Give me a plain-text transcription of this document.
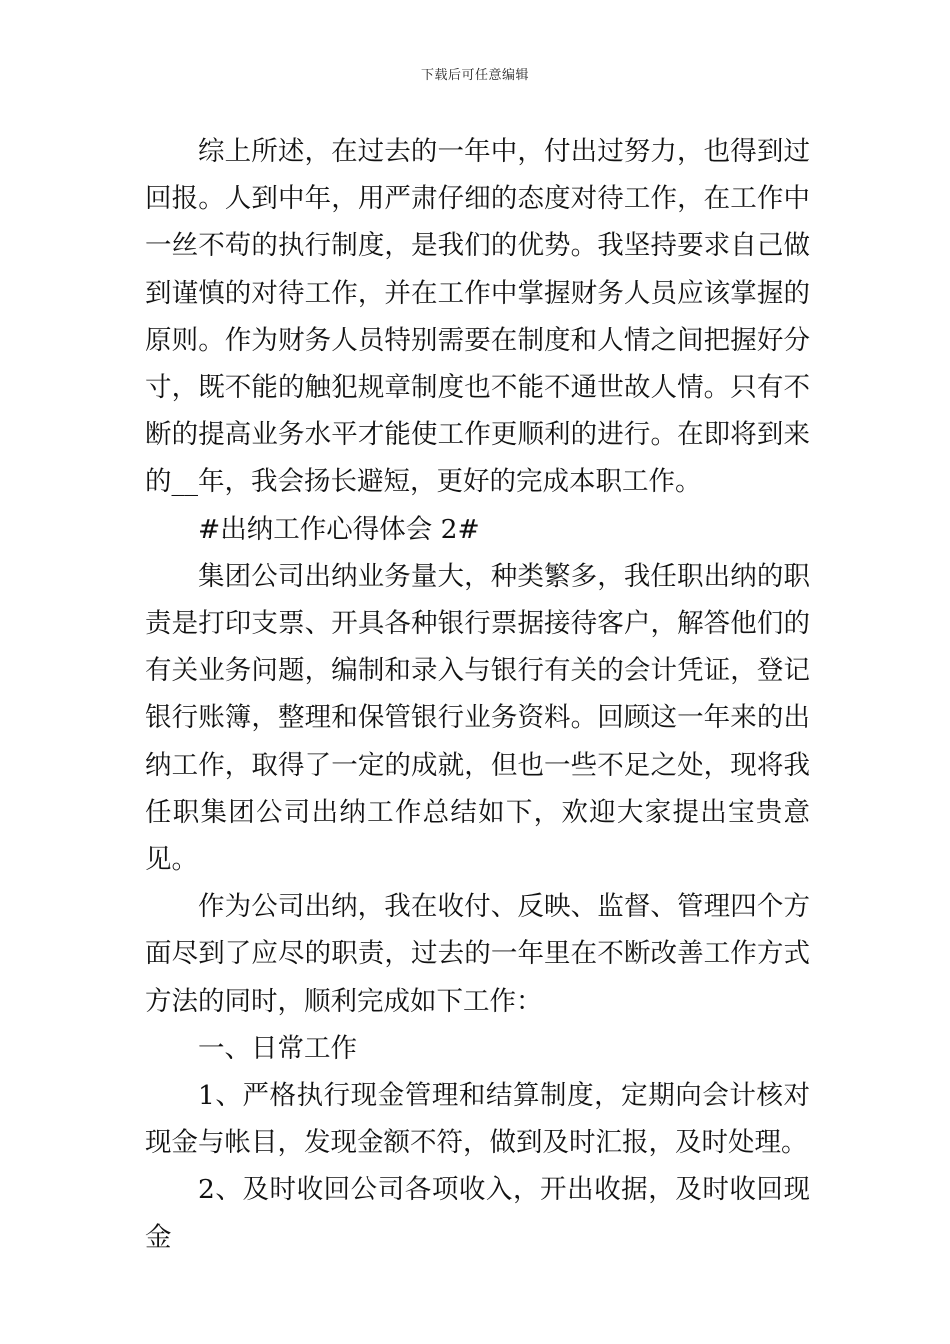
下载后可任意编辑

综上所述，在过去的一年中，付出过努力，也得到过回报。人到中年，用严肃仔细的态度对待工作，在工作中一丝不苟的执行制度，是我们的优势。我坚持要求自己做到谨慎的对待工作，并在工作中掌握财务人员应该掌握的原则。作为财务人员特别需要在制度和人情之间把握好分寸，既不能的触犯规章制度也不能不通世故人情。只有不断的提高业务水平才能使工作更顺利的进行。在即将到来的__年，我会扬长避短，更好的完成本职工作。

#出纳工作心得体会 2#

集团公司出纳业务量大，种类繁多，我任职出纳的职责是打印支票、开具各种银行票据接待客户，解答他们的有关业务问题，编制和录入与银行有关的会计凭证，登记银行账簿，整理和保管银行业务资料。回顾这一年来的出纳工作，取得了一定的成就，但也一些不足之处，现将我任职集团公司出纳工作总结如下，欢迎大家提出宝贵意见。

作为公司出纳，我在收付、反映、监督、管理四个方面尽到了应尽的职责，过去的一年里在不断改善工作方式方法的同时，顺利完成如下工作：

一、日常工作

1、严格执行现金管理和结算制度，定期向会计核对现金与帐目，发现金额不符，做到及时汇报，及时处理。

2、及时收回公司各项收入，开出收据，及时收回现金
